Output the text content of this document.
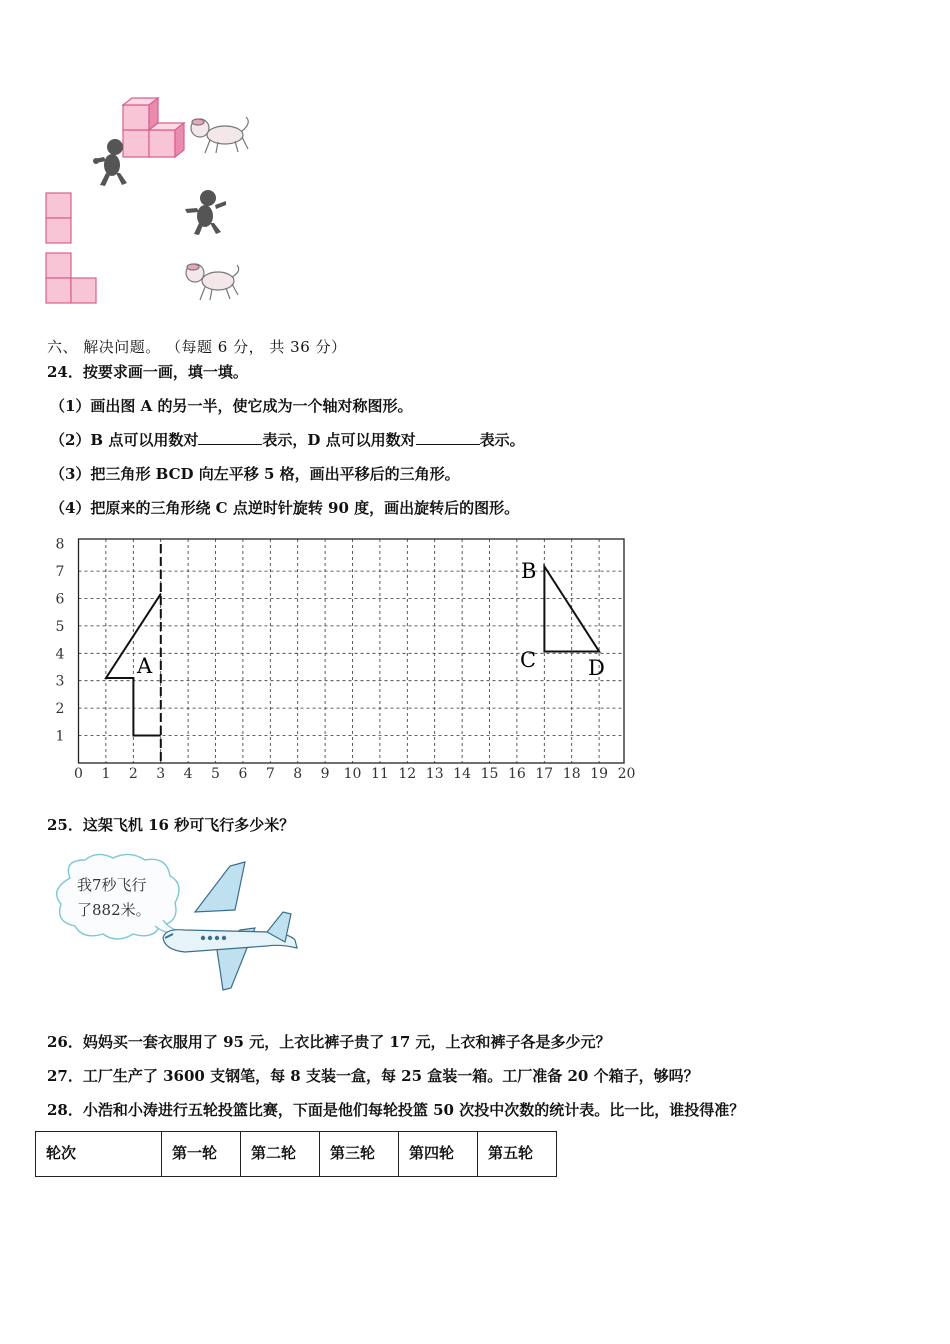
六、 解决问题。 （每题 6 分， 共 36 分）
24．按要求画一画，填一填。
（1）画出图 A 的另一半，使它成为一个轴对称图形。
（2）B 点可以用数对	表示，D 点可以用数对	表示。
（3）把三角形 BCD 向左平移 5 格，画出平移后的三角形。
（4）把原来的三角形绕 C 点逆时针旋转 90 度，画出旋转后的图形。
0 1 2 3 4 5 6 7 8 9 10 11 12 13 14 15 16 17 18 19 20
1
2
3
4
5
6
7
8
A
B
C D
25．这架飞机 16 秒可飞行多少米？
我7秒飞行
了882米。
26．妈妈买一套衣服用了 95 元，上衣比裤子贵了 17 元，上衣和裤子各是多少元？
27．工厂生产了 3600 支钢笔，每 8 支装一盒，每 25 盒装一箱。工厂准备 20 个箱子，够吗？
28．小浩和小涛进行五轮投篮比赛，下面是他们每轮投篮 50 次投中次数的统计表。比一比，谁投得准？
轮次	第一轮	第二轮	第三轮	第四轮	第五轮
